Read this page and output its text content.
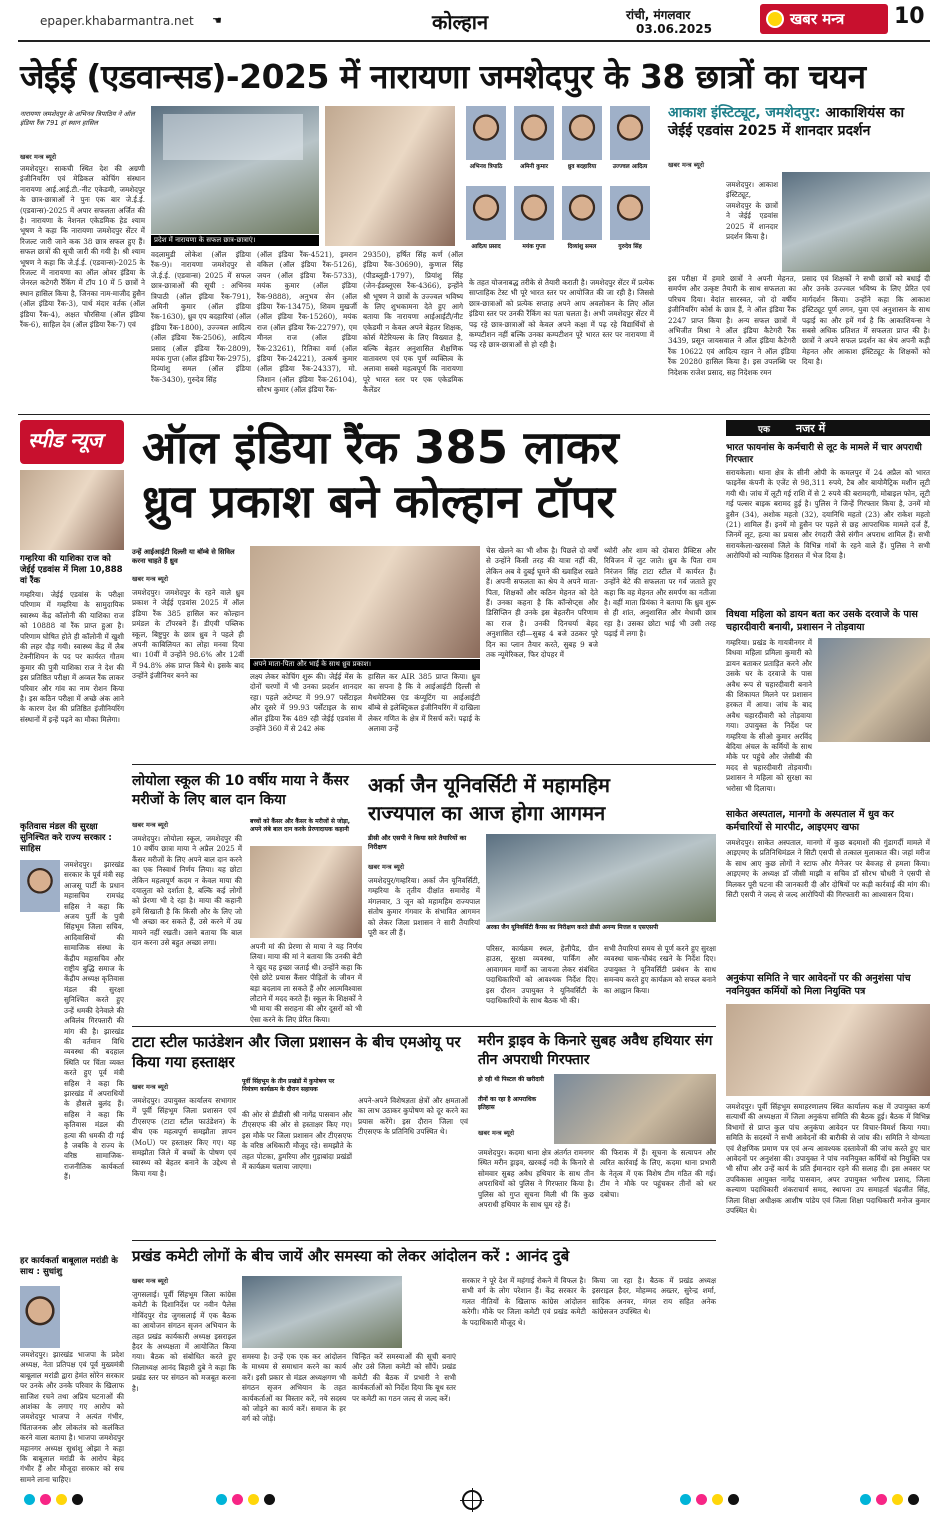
epaper.khabarmantra.net ☚	कोल्हान	रांची, मंगलवार
03.06.2025
खबर मन्त्र 10
जेईई (एडवान्सड)-2025 में नारायणा जमशेदपुर के 38 छात्रों का चयन
नारायणा जमशेदपुर के अभिनव त्रिपाठिय ने ऑल इंडिया रैंक 791 हां स्थान हासिल
खबर मन्त्र ब्यूरो
जमशेदपुर। साकची स्थित देश की अग्रणी इंजीनियरिंग एवं मेडिकल कोचिंग संस्थान नारायणा आई.आई.टी.-नीट एकेडमी, जमशेदपुर के छात्र-छात्राओं ने पुनः एक बार जे.ई.ई. (एडवान्स)-2025 में अपार सफलता अर्जित की है। नारायणा के नेशनल एकेडमिक हेड श्याम भूषण ने कहा कि नारायणा जमशेदपुर सेंटर में रिजल्ट जारी जाने कक 38 छात्र सफल हुए हैं। सफल छात्रों की सूची जारी की गयी है। श्री श्याम भूषण ने कहा कि जे.ई.ई. (एडवान्स)-2025 के रिजल्ट में नारायणा का ऑल ओवर इंडिया के जेनरल कटेगरी रैंकिंग में टॉप 10 में 5 छात्रों ने स्थान हासिल किया है, जिनका नाम-माजीद हुसैन (ऑल इंडिया रैंक-3), पार्थ मंदार वर्तक (ऑल इंडिया रैंक-4), अक्षत चौरसिया (ऑल इंडिया रैंक-6), साहिल देव (ऑल इंडिया रैंक-7) एवं
प्रदेश में नारायणा के सफल छात्र-छात्राएं।
अभिनव त्रिपाठि	अमिनी कुमार	ध्रुव बदहारिया	उज्ज्वल आदित्य
आदित्य प्रसाद	मयंक गुप्ता	दिव्यांशु समल	गुरुदेव सिंह
वदलामुडी लोकेश (ऑल इंडिया रैंक-9)। नारायणा जमशेदपुर से जे.ई.ई. (एडवान्स) 2025 में सफल छात्र-छात्राओं की सूची : अभिनव त्रिपाठी (ऑल इंडिया रैंक-791), अमिनी कुमार (ऑल इंडिया रैंक-1630), ध्रुव एप बदहारियां (ऑल इंडिया रैंक-1800), उज्ज्वल आदित्य (ऑल इंडिया रैंक-2506), आदित्य प्रसाद (ऑल इंडिया रैंक-2809), मयंक गुप्ता (ऑल इंडिया रैंक-2975), दिव्यांशु समल (ऑल इंडिया रैंक-3430), गुरुदेव सिंह
(ऑल इंडिया रैंक-4521), इमरान वकिल (ऑल इंडिया रैंक-5126), जयन (ऑल इंडिया रैंक-5733), मयंक कुमार (ऑल इंडिया रैंक-9888), अनुभव सेन (ऑल इंडिया रैंक-13475), शिवम मुखर्जी (ऑल इंडिया रैंक-15260), मयंक राज (ऑल इंडिया रैंक-22797), एम मीनल राज (ऑल इंडिया रैंक-23261), रितिका वर्मा (ऑल इंडिया रैंक-24221), उत्कर्ष कुमार (ऑल इंडिया रैंक-24337), मो. जिशान (ऑल इंडिया रैंक-26104), सौरभ कुमार (ऑल इंडिया रैंक-
29350), हर्षित सिंह कर्ण (ऑल इंडिया रैंक-30690), कुणाल सिंह (पीडब्लूडी-1797), प्रियांशु सिंह (जेन-ईडब्लूएस रैंक-4366), इन्होंने श्री भूषण ने छात्रों के उज्ज्वल भविष्य के लिए शुभकामना देते हुए आगे बताया कि नारायणा आईआईटी/नीट एकेडमी न केवल अपने बेहतर शिक्षक, कोर्स मैटेरियल्स के लिए विख्यात है, बल्कि बेहतर अनुशासित शैक्षणिक वातावरण एवं एक पूर्ण व्यक्तित्व के अलावा सबसे महत्वपूर्ण कि नारायणा पूरे भारत स्तर पर एक एकेडमिक कैलेंडर
के तहत योजनाबद्ध तरीके से तैयारी कराती है। जमशेदपुर सेंटर में प्रत्येक साप्ताहिक टेस्ट भी पूरे भारत स्तर पर आयोजित की जा रही है। जिससे छात्र-छात्राओं को प्रत्येक सप्ताह अपने आप अवलोकन के लिए ऑल इंडिया स्तर पर उनकी रैंकिंग का पता चलता है। अभी जमशेदपुर सेंटर में पढ़ रहे छात्र-छात्राओं को केवल अपने कक्षा में पढ़ रहे विद्यार्थियों से कम्पटीशन नहीं बल्कि उनका कम्पटीशन पूरे भारत स्तर पर नारायणा में पढ़ रहे छात्र-छात्राओं से हो रही है।
आकाश इंस्टिट्यूट, जमशेदपुर: आकाशियंस का जेईई एडवांस 2025 में शानदार प्रदर्शन
खबर मन्त्र ब्यूरो
जमशेदपुर। आकाश इंस्टिट्यूट, जमशेदपुर के छात्रों ने जेईई एडवांस 2025 में शानदार प्रदर्शन किया है।
इस परीक्षा में हमारे छात्रों ने अपनी मेहनत, समर्पण और उत्कृष्ट तैयारी के साथ सफलता का परिचय दिया। वेदांत सारस्वत, जो दो वर्षीय इंजीनियरिंग कोर्स के छात्र हैं, ने ऑल इंडिया रैंक 2247 प्राप्त किया है। अन्य सफल छात्रों में अभिजीत मिश्रा ने ऑल इंडिया कैटेगरी रैंक 3439, प्रसून जायसवाल ने ऑल इंडिया कैटेगरी रैंक 10622 एवं आदित्य रहान ने ऑल इंडिया रैंक 20280 हासिल किया है। इस उपलब्धि पर निदेशक राजेश प्रसाद, सह निदेशक रमन
प्रसाद एवं शिक्षकों ने सभी छात्रों को बधाई दी और उनके उज्ज्वल भविष्य के लिए प्रेरित एवं मार्गदर्शन किया। उन्होंने कहा कि आकाश इंस्टिट्यूट पूर्ण लगन, युवा एवं अनुशासन के साथ पढ़ाई का और हमें गर्व है कि आकाशियन्स ने सबसे अधिक प्रतिशत में सफलता प्राप्त की है। छात्रों ने अपने सफल प्रदर्शन का श्रेय अपनी कड़ी मेहनत और आकाश इंस्टिट्यूट के शिक्षकों को दिया है।
स्पीड न्यूज
गम्हरिया की याशिका राज को जेईई एडवांस में मिला 10,888 वां रैंक
गम्हरिया। जेईई एडवांस के परीक्षा परिणाम में गम्हरिया के सामुदायिक स्वास्थ्य केंद्र कॉलोनी की याशिका राज को 10888 वां रैंक प्राप्त हुआ है। परिणाम घोषित होते ही कॉलोनी में खुशी की लहर दौड़ गयी। स्वास्थ्य केंद्र में लैब टेक्नीशियन के पद पर कार्यरत गौतम कुमार की पुत्री याशिका राज ने देश की इस प्रतिष्ठित परीक्षा में अव्वल रैंक लाकर परिवार और गांव का नाम रोशन किया है। इस कठिन परीक्षा में अच्छे अंक आने के कारण देश की प्रतिष्ठित इंजीनियरिंग संस्थानों में इन्हें पढ़ने का मौका मिलेगा।
कृतिवास मंडल की सुरक्षा सुनिश्चित करे राज्य सरकार : साहिस
जमशेदपुर। झारखंड सरकार के पूर्व मंत्री सह आजसू पार्टी के प्रधान महासचिव रामचंद्र सहिस ने कहा कि अजय पुर्ती के पुत्री सिंहभूम जिला सचिव, आदिवासियों की सामाजिक संस्था के केंद्रीय महासचिव और राष्ट्रीय बुद्धि समाज के केंद्रीय अध्यक्ष कृतिवास मंडल की सुरक्षा सुनिश्चित करते हुए उन्हें धमकी देनेवाले की अविलंब गिरफ्तारी की मांग की है। झारखंड की वर्तमान विधि व्यवस्था की बदहाल स्थिति पर चिंता व्यक्त करते हुए पूर्व मंत्री सहिस ने कहा कि झारखंड में अपराधियों के हौसले बुलंद हैं। सहिस ने कहा कि कृतिवास मंडल की हत्या की धमकी दी गई है जबकि वे राज्य के वरिष्ठ सामाजिक-राजनीतिक कार्यकर्ता हैं।
हर कार्यकर्ता बाबूलाल मरांडी के साथ : सुधांशु
जमशेदपुर। झारखंड भाजपा के प्रदेश अध्यक्ष, नेता प्रतिपक्ष एवं पूर्व मुख्यमंत्री बाबूलाल मरांडी द्वारा हेमंत सोरेन सरकार पर उनके और उनके परिवार के खिलाफ साजिश रचने तथा अप्रिय घटनाओं की आशंका के लगाए गए आरोप को जमशेदपुर भाजपा ने अत्यंत गंभीर, चिंताजनक और लोकतंत्र को कलंकित करने वाला बताया है। भाजपा जमशेदपुर महानगर अध्यक्ष सुधांशु ओझा ने कहा कि बाबूलाल मरांडी के आरोप बेहद गंभीर हैं और मौजूदा सरकार को सच सामने लाना चाहिए।
ऑल इंडिया रैंक 385 लाकर
ध्रुव प्रकाश बने कोल्हान टॉपर
उन्हें आईआईटी दिल्ली या बॉम्बे से सिविल करना चाहते हैं ध्रुव
खबर मन्त्र ब्यूरो
अपने माता-पिता और भाई के साथ ध्रुव प्रकाश।
जमशेदपुर। जमशेदपुर के रहने वाले ध्रुव प्रकाश ने जेईई एडवांस 2025 में ऑल इंडिया रैंक 385 हासिल कर कोल्हान प्रमंडल के टॉपरबने हैं। डीएवी पब्लिक स्कूल, बिष्टुपुर के छात्र ध्रुव ने पहले ही अपनी काबिलियत का लोहा मनवा दिया था। 10वीं में उन्होंने 98.6% और 12वीं में 94.8% अंक प्राप्त किये थे। इसके बाद उन्होंने इंजीनियर बनने का	लक्ष्य लेकर कोचिंग शुरू की। जेईई मेंस के दोनों चरणों में भी उनका प्रदर्शन शानदार रहा। पहले अटेम्पट में 99.97 पर्सेंटाइल और दूसरे में 99.93 पर्सेंटाइल के साथ ऑल इंडिया रैंक 489 रही जेईई एडवांस में उन्होंने 360 में से 242 अंक
हासिल कर AIR 385 प्राप्त किया। ध्रुव का सपना है कि वे आईआईटी दिल्ली से मैथमेटिक्स एंड कंप्यूटिंग या आईआईटी बॉम्बे से इलेक्ट्रिकल इंजीनियरिंग में दाखिला लेकर गणित के क्षेत्र में रिसर्च करें। पढ़ाई के अलावा उन्हें
चेस खेलने का भी शौक है। पिछले दो वर्षों से उन्होंने किसी तरह की यात्रा नहीं की, लेकिन अब वे दुबई घूमने की ख्वाहिश रखते हैं। अपनी सफलता का श्रेय वे अपने माता-पिता, शिक्षकों और कठिन मेहनत को देते हैं। उनका कहना है कि कॉन्सेप्ट्स और डिसिप्लिन ही उनके इस बेहतरीन परिणाम का राज है। उनकी दिनचर्या बेहद अनुशासित रही—सुबह 4 बजे उठकर पूरे दिन का प्लान तैयार करते, सुबह 9 बजे तक न्यूमेरिकल, फिर दोपहर में
थ्योरी और शाम को दोबारा प्रैक्टिस और रिविजन में जुट जाते। ध्रुव के पिता राम निरंजन सिंह टाटा स्टील में कार्यरत हैं। उन्होंने बेटे की सफलता पर गर्व जताते हुए कहा कि वह मेहनत और समर्पण का नतीजा है। वहीं माता प्रियंका ने बताया कि ध्रुव शुरू से ही शांत, अनुशासित और मेधावी छात्र रहा है। उसका छोटा भाई भी उसी तरह पढ़ाई में लगा है।
लोयोला स्कूल की 10 वर्षीय माया ने कैंसर मरीजों के लिए बाल दान किया
खबर मन्त्र ब्यूरो
जमशेदपुर। लोयोला स्कूल, जमशेदपुर की 10 वर्षीय छात्रा माया ने अप्रैल 2025 में कैंसर मरीजों के लिए अपने बाल दान करने का एक निस्वार्थ निर्णय लिया। यह छोटा लेकिन महत्वपूर्ण कदम न केवल माया की दयालुता को दर्शाता है, बल्कि कई लोगों को प्रेरणा भी दे रहा है। माया की कहानी हमें सिखाती है कि किसी और के लिए जो भी अच्छा कर सकते हैं, उसे करने में उम्र मायने नहीं रखती। उसने बताया कि बाल दान करना उसे बहुत अच्छा लगा।
बच्चों को कैंसर और कैंसर के मरीजों से जोड़ा, अपने लंबे बाल दान करके प्रेरणादायक कहानी
अपनी मां की प्रेरणा से माया ने यह निर्णय लिया। माया की मां ने बताया कि उनकी बेटी ने खुद यह इच्छा जताई थी। उन्होंने कहा कि ऐसे छोटे प्रयास कैंसर पीड़ितों के जीवन में बड़ा बदलाव ला सकते हैं और आत्मविश्वास लौटाने में मदद करते हैं। स्कूल के शिक्षकों ने भी माया की सराहना की और दूसरों को भी ऐसा करने के लिए प्रेरित किया।
अर्का जैन यूनिवर्सिटी में महामहिम
राज्यपाल का आज होगा आगमन
डीसी और एसपी ने किया सारे तैयारियों का निरीक्षण
खबर मन्त्र ब्यूरो
अरका जैन यूनिवर्सिटी कैंपस का निरीक्षण करते डीसी अनन्य मित्तल व एसएसपी
जमशेदपुर/गम्हरिया। अर्का जैन यूनिवर्सिटी, गम्हरिया के तृतीय दीक्षांत समारोह में मंगलवार, 3 जून को महामहिम राज्यपाल संतोष कुमार गंगवार के संभावित आगमन को लेकर जिला प्रशासन ने सारी तैयारियां पूरी कर ली हैं।
परिसर, कार्यक्रम स्थल, हेलीपैड, ग्रीन हाउस, सुरक्षा व्यवस्था, पार्किंग और आवागमन मार्गों का जायजा लेकर संबंधित पदाधिकारियों को आवश्यक निर्देश दिए। इस दौरान उपायुक्त ने यूनिवर्सिटी के पदाधिकारियों के साथ बैठक भी की।
सभी तैयारियां समय से पूर्ण करने हुए सुरक्षा व्यवस्था चाक-चौबंद रखने के निर्देश दिए। उपायुक्त ने यूनिवर्सिटी प्रबंधन के साथ समन्वय करते हुए कार्यक्रम को सफल बनाने का आह्वान किया।
टाटा स्टील फाउंडेशन और जिला प्रशासन के बीच एमओयू पर किया गया हस्ताक्षर
खबर मन्त्र ब्यूरो
पूर्वी सिंहभूम के तीन प्रखंडों में कुपोषण पर नियंत्रण कार्यक्रम के दौरान सहायक
जमशेदपुर। उपायुक्त कार्यालय सभागार में पूर्वी सिंहभूम जिला प्रशासन एवं टीएसएफ (टाटा स्टील फाउंडेशन) के बीच एक महत्वपूर्ण समझौता ज्ञापन (MoU) पर हस्ताक्षर किए गए। यह समझौता जिले में बच्चों के पोषण एवं स्वास्थ्य को बेहतर बनाने के उद्देश्य से किया गया है।
की ओर से डीडीसी श्री नागेंद्र पासवान और टीएसएफ की ओर से हस्ताक्षर किए गए। इस मौके पर जिला प्रशासन और टीएसएफ के वरिष्ठ अधिकारी मौजूद रहे। समझौते के तहत पोटका, डुमरिया और गुड़ाबांदा प्रखंडों में कार्यक्रम चलाया जाएगा।
अपने-अपने विशेषज्ञता क्षेत्रों और क्षमताओं का लाभ उठाकर कुपोषण को दूर करने का प्रयास करेंगे। इस दौरान जिला एवं टीएसएफ के प्रतिनिधि उपस्थित थे।
मरीन ड्राइव के किनारे सुबह अवैध हथियार संग तीन अपराधी गिरफ्तार
हो रही थी पिस्टल की खरीदारी
तीनों का रहा है आपराधिक इतिहास
खबर मन्त्र ब्यूरो
जमशेदपुर। कदमा थाना क्षेत्र अंतर्गत रामनगर स्थित मरीन ड्राइव, खरकई नदी के किनारे से सोमवार सुबह अवैध हथियार के साथ तीन अपराधियों को पुलिस ने गिरफ्तार किया है। पुलिस को गुप्त सूचना मिली थी कि कुछ अपराधी हथियार के साथ घूम रहे हैं।
की फिराक में हैं। सूचना के सत्यापन और त्वरित कार्रवाई के लिए, कदमा थाना प्रभारी के नेतृत्व में एक विशेष टीम गठित की गई। टीम ने मौके पर पहुंचकर तीनों को धर दबोचा।
एक नजर में
भारत फायनांस के कर्मचारी से लूट के मामले में चार अपराधी गिरफ्तार
सरायकेला। थाना क्षेत्र के सीनी ओपी के कमलपुर में 24 अप्रैल को भारत फाइनेंस कंपनी के एजेंट से 98,311 रुपये, टैब और बायोमैट्रिक मशीन लूटी गयी थी। जांच में लूटी गई राशि में से 2 रुपये की बरामदगी, मोबाइल फोन, लूटी गई पल्सर बाइक बरामद हुई है। पुलिस ने जिन्हें गिरफ्तार किया है, उनमें मो हुसैन (34), अशोक महतो (32), दयानिधि महतो (23) और राकेश महतो (21) शामिल हैं। इनमें मो हुसैन पर पहले से छह आपराधिक मामले दर्ज हैं, जिनमें लूट, हत्या का प्रयास और रंगदारी जैसे संगीन अपराध शामिल हैं। सभी सरायकेला-खरसवां जिले के विभिन्न गांवों के रहने वाले हैं। पुलिस ने सभी आरोपियों को न्यायिक हिरासत में भेज दिया है।
विधवा महिला को डायन बता कर उसके दरवाजे के पास चहारदीवारी बनायी, प्रशासन ने तोड़वाया
गम्हरिया। प्रखंड के गायत्रीनगर में विधवा महिला प्रमिला कुमारी को डायन बताकर प्रताड़ित करने और उसके घर के दरवाजे के पास अवैध रूप से चहारदीवारी बनाने की शिकायत मिलने पर प्रशासन हरकत में आया। जांच के बाद अवैध चहारदीवारी को तोड़वाया गया। उपायुक्त के निर्देश पर गम्हरिया के सीओ कुमार अरविंद बेदिया अंचल के कर्मियों के साथ मौके पर पहुंचे और जेसीबी की मदद से चहारदीवारी तोड़वायी। प्रशासन ने महिला को सुरक्षा का भरोसा भी दिलाया।
साकेत अस्पताल, मानगो के अस्पताल में धुव कर कर्मचारियों से मारपीट, आइएमए खफा
जमशेदपुर। साकेत अस्पताल, मानगो में कुछ बदमाशों की गुंडागर्दी मामले में आइएमए के प्रतिनिधिमंडल ने सिटी एसपी से तत्काल मुलाकात की। जहां मरीज के साथ आए कुछ लोगों ने स्टाफ और मैनेजर पर बेवजह से हमला किया। आइएमए के अध्यक्ष डॉ जीसी माझी व सचिव डॉ सौरभ चौधरी ने एसपी से मिलकर पूरी घटना की जानकारी दी और दोषियों पर कड़ी कार्रवाई की मांग की। सिटी एसपी ने जल्द से जल्द आरोपियों की गिरफ्तारी का आश्वासन दिया।
अनुकंपा समिति ने चार आवेदनों पर की अनुशंसा पांच नवनियुक्त कर्मियों को मिला नियुक्ति पत्र
जमशेदपुर। पूर्वी सिंहभूम समाहरणालय स्थित कार्यालय कक्ष में उपायुक्त कर्ण सत्यार्थी की अध्यक्षता में जिला अनुकंपा समिति की बैठक हुई। बैठक में विभिन्न विभागों से प्राप्त कुल पांच अनुकंपा आवेदन पर विचार-विमर्श किया गया। समिति के सदस्यों ने सभी आवेदनों की बारीकी से जांच की। समिति ने योग्यता एवं शैक्षणिक प्रमाण पत्र एवं अन्य आवश्यक दस्तावेजों की जांच करते हुए चार आवेदनों पर अनुशंसा की। उपायुक्त ने पांच नवनियुक्त कर्मियों को नियुक्ति पत्र भी सौंपा और उन्हें कार्य के प्रति ईमानदार रहने की सलाह दी। इस अवसर पर उपविकास आयुक्त नागेंद्र पासवान, अपर उपायुक्त भगीरथ प्रसाद, जिला कल्याण पदाधिकारी शंकराचार्य समद, स्थापना उप समाहर्ता चंद्रजीत सिंह, जिला शिक्षा अधीक्षक आशीष पांडेय एवं जिला शिक्षा पदाधिकारी मनोज कुमार उपस्थित थे।
प्रखंड कमेटी लोगों के बीच जायें और समस्या को लेकर आंदोलन करें : आनंद दुबे
खबर मन्त्र ब्यूरो
जुगसलाई। पूर्वी सिंहभूम जिला कांग्रेस कमेटी के दिशानिर्देश पर नवीन पैलेस गोविंदपुर रोड जुगसलाई में एक बैठक का आयोजन संगठन सृजन अभियान के तहत प्रखंड कार्यकारी अध्यक्ष इसराइल हैदर के अध्यक्षता में आयोजित किया गया। बैठक को संबोधित करते हुए जिलाध्यक्ष आनंद बिहारी दुबे ने कहा कि प्रखंड स्तर पर संगठन को मजबूत करना है।
समस्या है। उन्हें एक एक कर आंदोलन के माध्यम से समाधान करने का कार्य करें। इसी प्रकार से मंडल अध्यक्षगण भी संगठन सृजन अभियान के तहत कार्यकर्ताओं का विस्तार करें, नये सदस्य को जोड़ने का कार्य करें। समाज के हर वर्ग को जोड़ें।
चिन्हित करें समस्याओं की सूची बनाएं और उसे जिला कमेटी को सौंपें। प्रखंड कमेटी की बैठक में प्रभारी ने सभी कार्यकर्ताओं को निर्देश दिया कि बूथ स्तर पर कमेटी का गठन जल्द से जल्द करें।
सरकार ने पूरे देश में महंगाई रोकने में विफल है। सभी वर्ग के लोग परेशान हैं। केंद्र सरकार के गलत नीतियों के खिलाफ कांग्रेस आंदोलन करेगी। मौके पर जिला कमेटी एवं प्रखंड कमेटी के पदाधिकारी मौजूद थे।
किया जा रहा है। बैठक में प्रखंड अध्यक्ष इसराइल हैदर, मोहम्मद अख्तर, सुरेन्द्र शर्मा, सादिक अनवर, मंगल राय सहित अनेक कांग्रेसजन उपस्थित थे।
